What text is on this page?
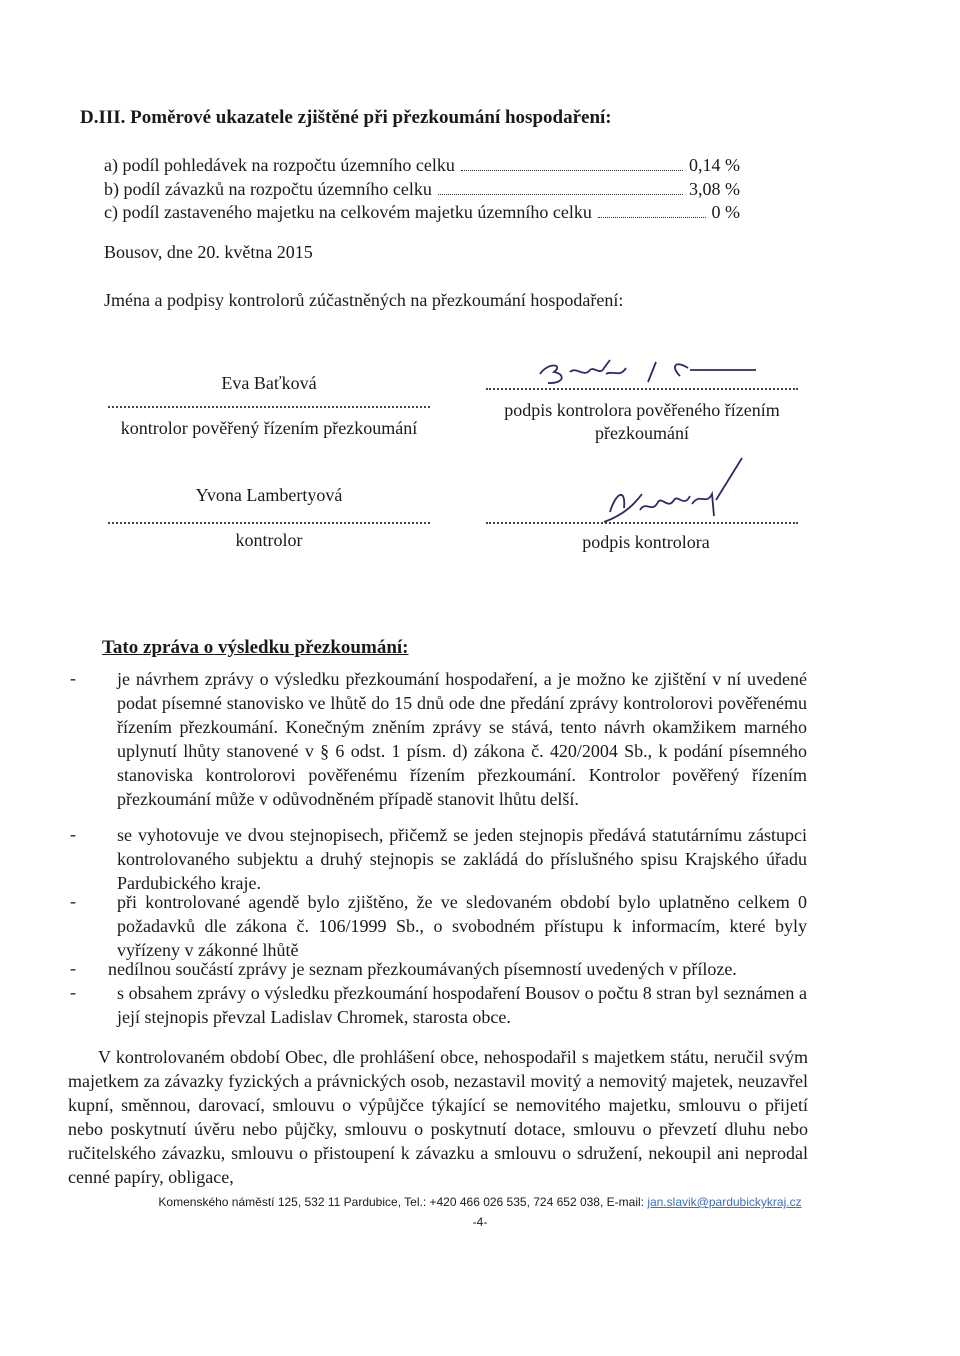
D.III. Poměrové ukazatele zjištěné při přezkoumání hospodaření:
a) podíl pohledávek na rozpočtu územního celku	0,14 %
b) podíl závazků na rozpočtu územního celku	3,08 %
c) podíl zastaveného majetku na celkovém majetku územního celku	0 %
Bousov, dne 20. května 2015
Jména a podpisy kontrolorů zúčastněných na přezkoumání hospodaření:
Eva Baťková
kontrolor pověřený řízením přezkoumání
podpis kontrolora pověřeného řízením
přezkoumání
Yvona Lambertyová
kontrolor	podpis kontrolora
Tato zpráva o výsledku přezkoumání:
-	je návrhem zprávy o výsledku přezkoumání hospodaření, a je možno ke zjištění v ní uvedené podat písemné stanovisko ve lhůtě do 15 dnů ode dne předání zprávy kontrolorovi pověřenému řízením přezkoumání. Konečným zněním zprávy se stává, tento návrh okamžikem marného uplynutí lhůty stanovené v § 6 odst. 1 písm. d) zákona č. 420/2004 Sb., k podání písemného stanoviska kontrolorovi pověřenému řízením přezkoumání. Kontrolor pověřený řízením přezkoumání může v odůvodněném případě stanovit lhůtu delší.
-	se vyhotovuje ve dvou stejnopisech, přičemž se jeden stejnopis předává statutárnímu zástupci kontrolovaného subjektu a druhý stejnopis se zakládá do příslušného spisu Krajského úřadu Pardubického kraje.
-	při kontrolované agendě bylo zjištěno, že ve sledovaném období bylo uplatněno celkem 0 požadavků dle zákona č. 106/1999 Sb., o svobodném přístupu k informacím, které byly vyřízeny v zákonné lhůtě
-	nedílnou součástí zprávy je seznam přezkoumávaných písemností uvedených v příloze.
-	s obsahem zprávy o výsledku přezkoumání hospodaření Bousov o počtu 8 stran byl seznámen a její stejnopis převzal Ladislav Chromek, starosta obce.
V kontrolovaném období Obec, dle prohlášení obce, nehospodařil s majetkem státu, neručil svým majetkem za závazky fyzických a právnických osob, nezastavil movitý a nemovitý majetek, neuzavřel kupní, směnnou, darovací, smlouvu o výpůjčce týkající se nemovitého majetku, smlouvu o přijetí nebo poskytnutí úvěru nebo půjčky, smlouvu o poskytnutí dotace, smlouvu o převzetí dluhu nebo ručitelského závazku, smlouvu o přistoupení k závazku a smlouvu o sdružení, nekoupil ani neprodal cenné papíry, obligace,
Komenského náměstí 125, 532 11 Pardubice, Tel.: +420 466 026 535, 724 652 038, E-mail: jan.slavik@pardubickykraj.cz
-4-
